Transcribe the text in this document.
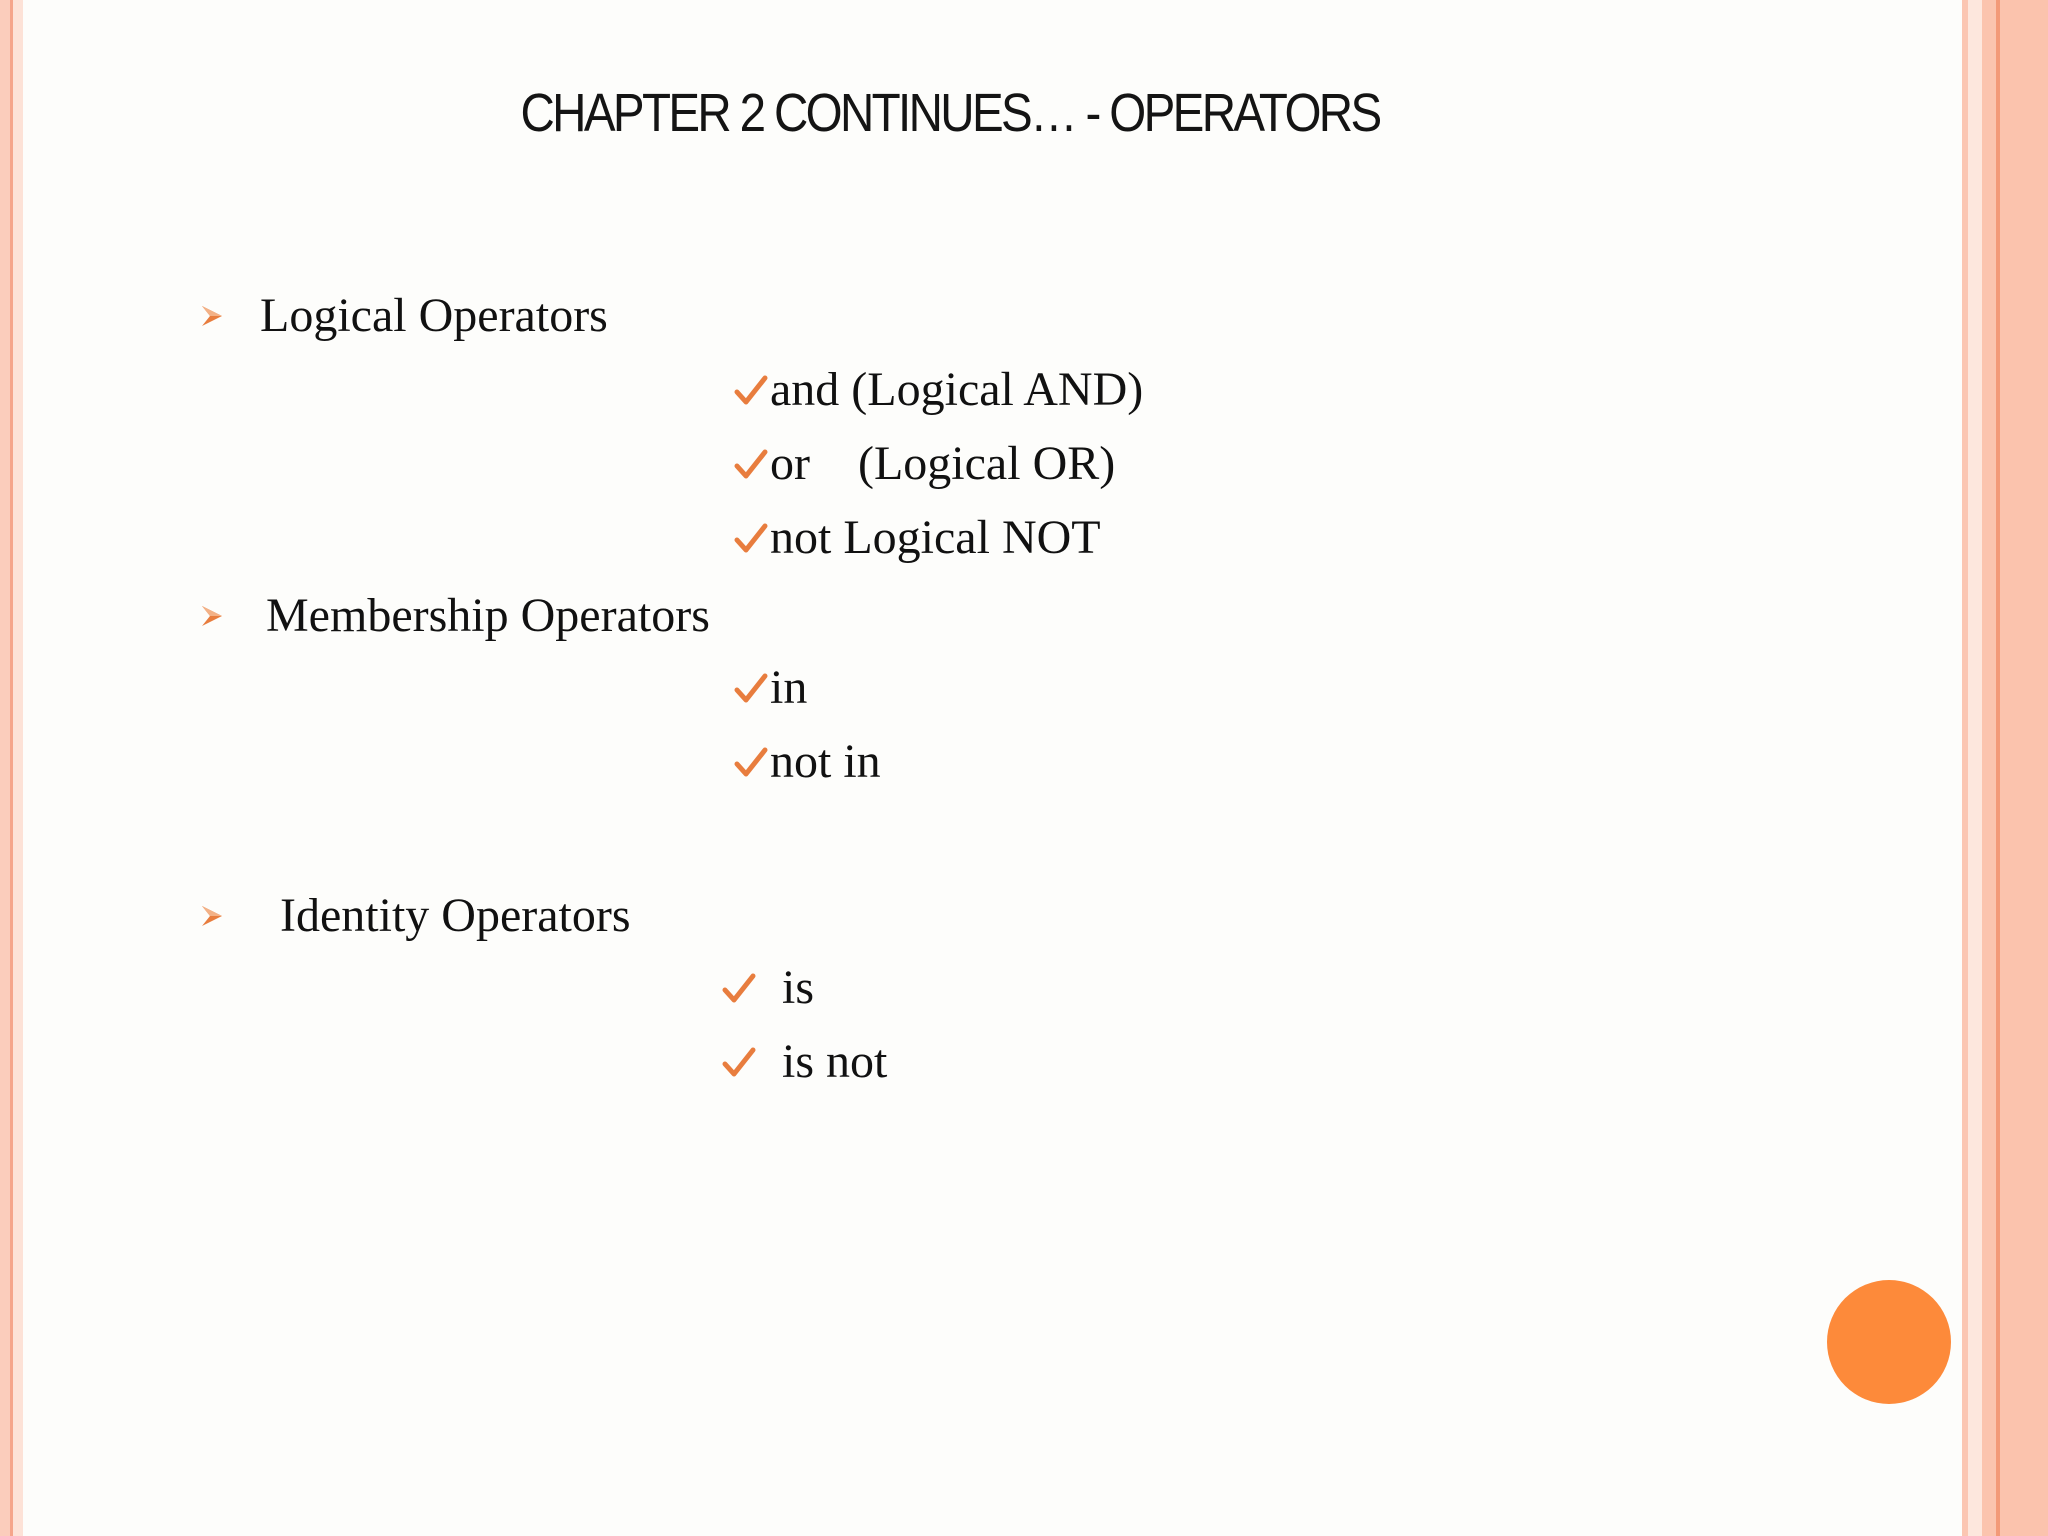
CHAPTER 2 CONTINUES… - OPERATORS
Logical Operators
and (Logical AND)
or    (Logical OR)
not Logical NOT
Membership Operators
in
not in
Identity Operators
is
is not
